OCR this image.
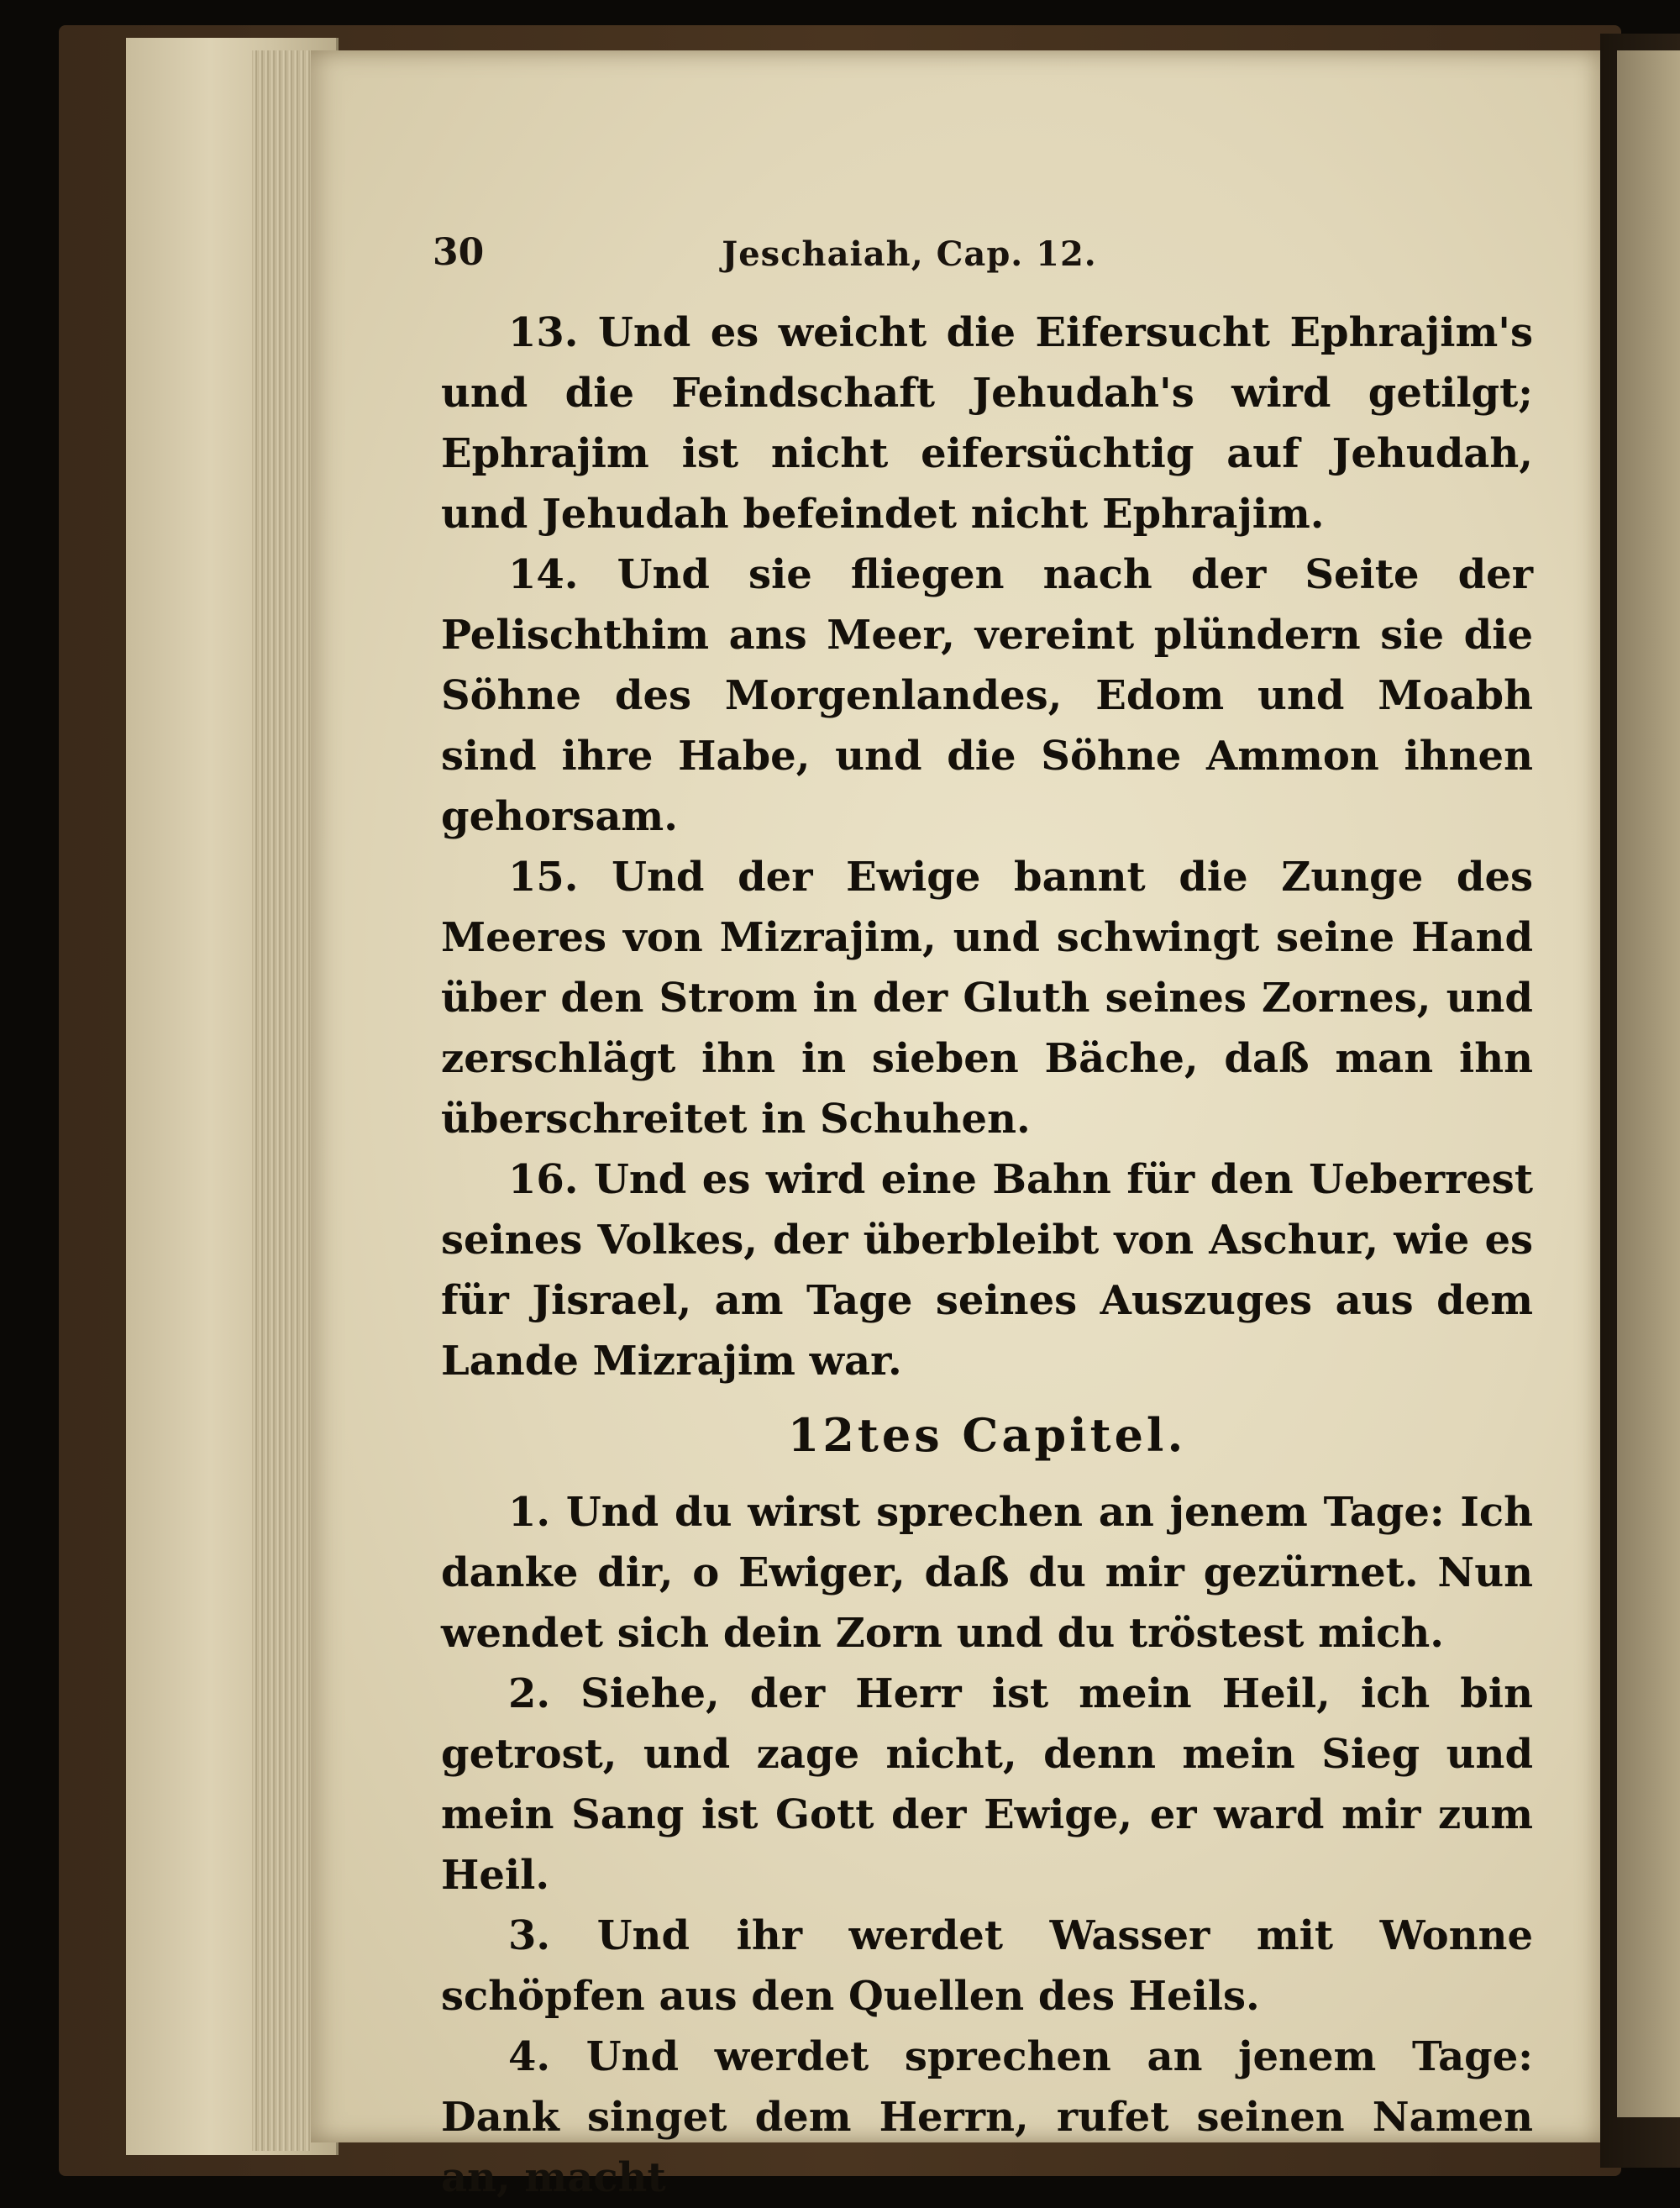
30	Jeschaiah, Cap. 12.

13. Und es weicht die Eifersucht Ephrajim's und die Feindschaft Jehudah's wird getilgt; Ephrajim ist nicht eifersüchtig auf Jehudah, und Jehudah befeindet nicht Ephrajim.

14. Und sie fliegen nach der Seite der Pelischthim ans Meer, vereint plündern sie die Söhne des Morgenlandes, Edom und Moabh sind ihre Habe, und die Söhne Ammon ihnen gehorsam.

15. Und der Ewige bannt die Zunge des Meeres von Mizrajim, und schwingt seine Hand über den Strom in der Gluth seines Zornes, und zerschlägt ihn in sieben Bäche, daß man ihn überschreitet in Schuhen.

16. Und es wird eine Bahn für den Ueberrest seines Volkes, der überbleibt von Aschur, wie es für Jisrael, am Tage seines Auszuges aus dem Lande Mizrajim war.

12tes Capitel.

1. Und du wirst sprechen an jenem Tage: Ich danke dir, o Ewiger, daß du mir gezürnet. Nun wendet sich dein Zorn und du tröstest mich.

2. Siehe, der Herr ist mein Heil, ich bin getrost, und zage nicht, denn mein Sieg und mein Sang ist Gott der Ewige, er ward mir zum Heil.

3. Und ihr werdet Wasser mit Wonne schöpfen aus den Quellen des Heils.

4. Und werdet sprechen an jenem Tage: Dank singet dem Herrn, rufet seinen Namen an, macht
